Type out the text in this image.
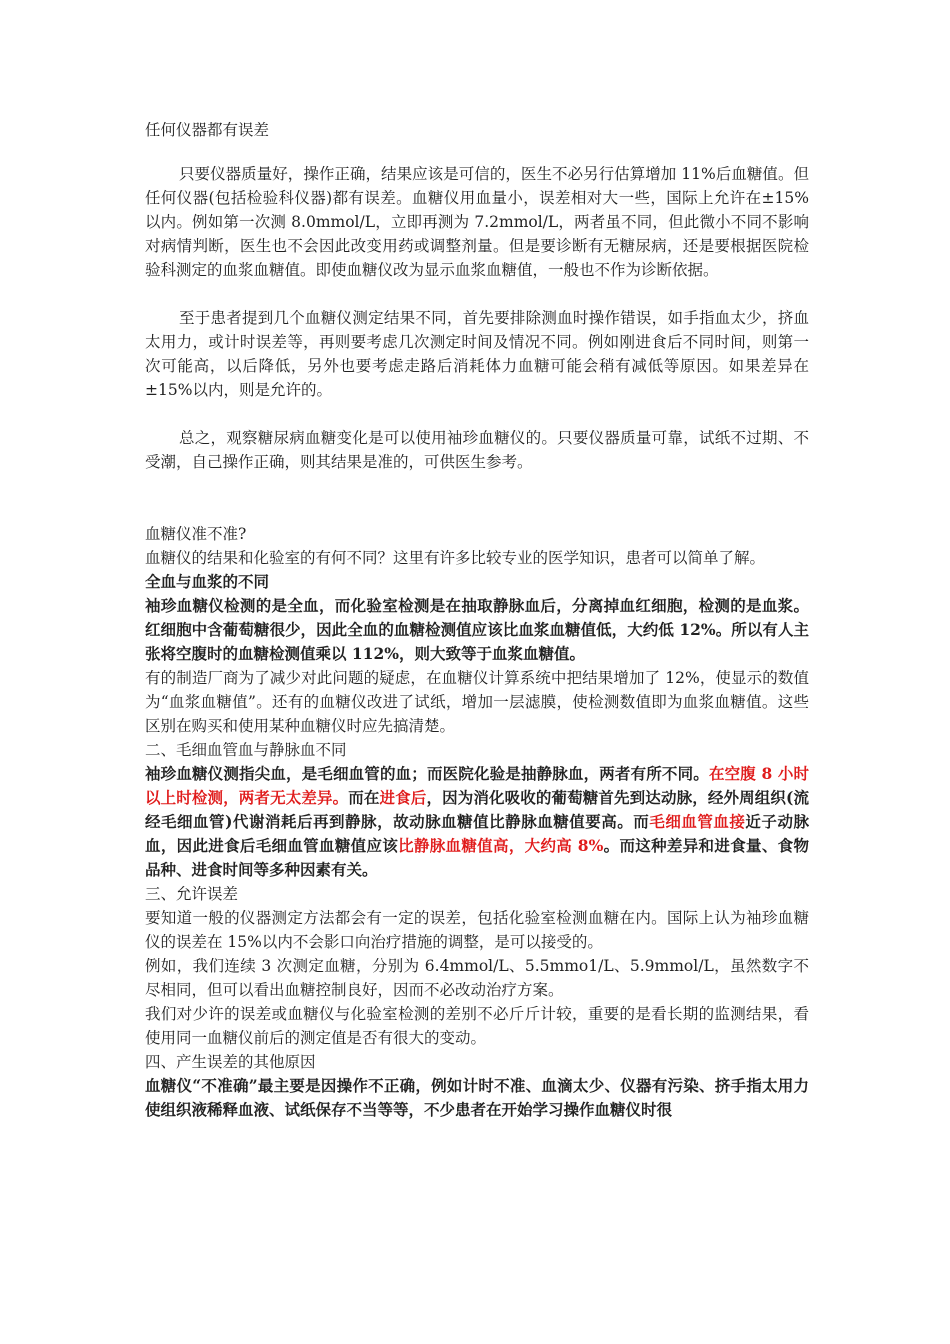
任何仪器都有误差

只要仪器质量好，操作正确，结果应该是可信的，医生不必另行估算增加 11%后血糖值。但任何仪器(包括检验科仪器)都有误差。血糖仪用血量小，误差相对大一些，国际上允许在±15%以内。例如第一次测 8.0mmol/L，立即再测为 7.2mmol/L，两者虽不同，但此微小不同不影响对病情判断，医生也不会因此改变用药或调整剂量。但是要诊断有无糖尿病，还是要根据医院检验科测定的血浆血糖值。即使血糖仪改为显示血浆血糖值，一般也不作为诊断依据。

至于患者提到几个血糖仪测定结果不同，首先要排除测血时操作错误，如手指血太少，挤血太用力，或计时误差等，再则要考虑几次测定时间及情况不同。例如刚进食后不同时间，则第一次可能高，以后降低，另外也要考虑走路后消耗体力血糖可能会稍有减低等原因。如果差异在±15%以内，则是允许的。

总之，观察糖尿病血糖变化是可以使用袖珍血糖仪的。只要仪器质量可靠，试纸不过期、不受潮，自己操作正确，则其结果是准的，可供医生参考。

血糖仪准不准?

血糖仪的结果和化验室的有何不同？这里有许多比较专业的医学知识，患者可以简单了解。

全血与血浆的不同

袖珍血糖仪检测的是全血，而化验室检测是在抽取静脉血后，分离掉血红细胞，检测的是血浆。红细胞中含葡萄糖很少，因此全血的血糖检测值应该比血浆血糖值低，大约低 12%。所以有人主张将空腹时的血糖检测值乘以 112%，则大致等于血浆血糖值。

有的制造厂商为了减少对此问题的疑虑，在血糖仪计算系统中把结果增加了 12%，使显示的数值为“血浆血糖值”。还有的血糖仪改进了试纸，增加一层滤膜，使检测数值即为血浆血糖值。这些区别在购买和使用某种血糖仪时应先搞清楚。

二、毛细血管血与静脉血不同

袖珍血糖仪测指尖血，是毛细血管的血；而医院化验是抽静脉血，两者有所不同。在空腹 8 小时以上时检测，两者无太差异。而在进食后，因为消化吸收的葡萄糖首先到达动脉，经外周组织(流经毛细血管)代谢消耗后再到静脉，故动脉血糖值比静脉血糖值要高。而毛细血管血接近子动脉血，因此进食后毛细血管血糖值应该比静脉血糖值高，大约高 8%。而这种差异和进食量、食物品种、进食时间等多种因素有关。

三、允许误差

要知道一般的仪器测定方法都会有一定的误差，包括化验室检测血糖在内。国际上认为袖珍血糖仪的误差在 15%以内不会影口向治疗措施的调整，是可以接受的。

例如，我们连续 3 次测定血糖，分别为 6.4mmol/L、5.5mmo1/L、5.9mmol/L，虽然数字不尽相同，但可以看出血糖控制良好，因而不必改动治疗方案。

我们对少许的误差或血糖仪与化验室检测的差别不必斤斤计较，重要的是看长期的监测结果，看使用同一血糖仪前后的测定值是否有很大的变动。

四、产生误差的其他原因

血糖仪“不准确”最主要是因操作不正确，例如计时不准、血滴太少、仪器有污染、挤手指太用力使组织液稀释血液、试纸保存不当等等，不少患者在开始学习操作血糖仪时很
